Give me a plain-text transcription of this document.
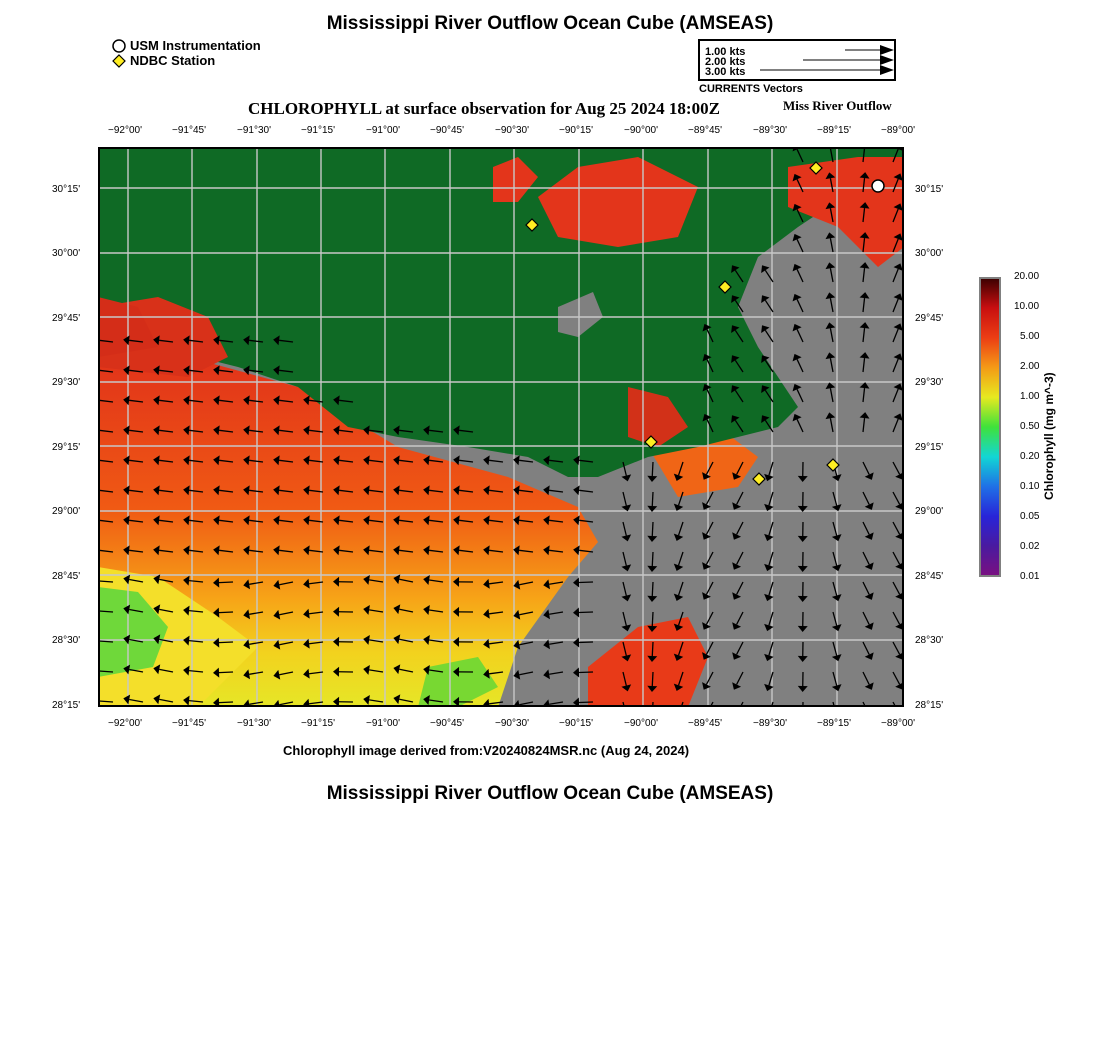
Mississippi River Outflow Ocean Cube (AMSEAS)
USM Instrumentation
NDBC Station
1.00 kts
2.00 kts
3.00 kts
CURRENTS Vectors
CHLOROPHYLL at surface observation for Aug 25 2024 18:00Z	Miss River Outflow
−92°00'	−91°45'	−91°30'	−91°15'	−91°00'	−90°45'	−90°30'	−90°15'	−90°00'	−89°45'	−89°30'	−89°15'	−89°00'
−92°00'	−91°45'	−91°30'	−91°15'	−91°00'	−90°45'	−90°30'	−90°15'	−90°00'	−89°45'	−89°30'	−89°15'	−89°00'
30°15'
30°00'
29°45'
29°30'
29°15'
29°00'
28°45'
28°30'
28°15'
30°15'
30°00'
29°45'
29°30'
29°15'
29°00'
28°45'
28°30'
28°15'
Chlorophyll image derived from:V20240824MSR.nc (Aug 24, 2024)
Mississippi River Outflow Ocean Cube (AMSEAS)
20.00
10.00
5.00
2.00
1.00
0.50
0.20
0.10
0.05
0.02
0.01
Chlorophyll (mg m^-3)
